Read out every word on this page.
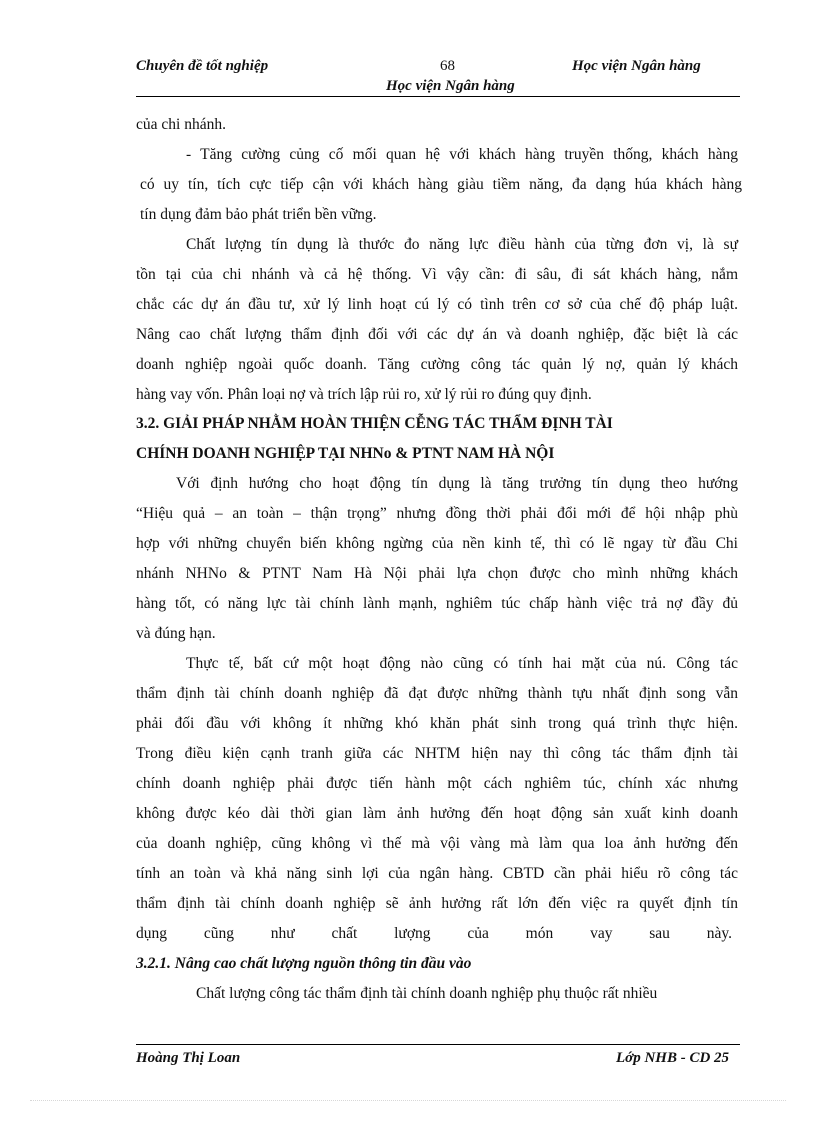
Chuyên đề tốt nghiệp	68	Học viện Ngân hàng
Học viện Ngân hàng
của chi nhánh.
- Tăng cường củng cố mối quan hệ với khách hàng truyền thống, khách hàng
có uy tín, tích cực tiếp cận với khách hàng giàu tiềm năng, đa dạng húa khách hàng
tín dụng đảm bảo phát triển bền vững.
Chất lượng tín dụng là thước đo năng lực điều hành của từng đơn vị, là sự
tồn tại của chi nhánh và cả hệ thống. Vì vậy cần: đi sâu, đi sát khách hàng, nắm
chắc các dự án đầu tư, xử lý linh hoạt cú lý có tình trên cơ sở của chế độ pháp luật.
Nâng cao chất lượng thẩm định đối với các dự án và doanh nghiệp, đặc biệt là các
doanh nghiệp ngoài quốc doanh. Tăng cường công tác quản lý nợ, quản lý khách
hàng vay vốn. Phân loại nợ và trích lập rủi ro, xử lý rủi ro đúng quy định.
3.2. GIẢI PHÁP NHẰM HOÀN THIỆN CỄNG TÁC THẨM ĐỊNH TÀI
CHÍNH DOANH NGHIỆP TẠI NHNo & PTNT NAM HÀ NỘI
Với định hướng cho hoạt động tín dụng là tăng trưởng tín dụng theo hướng
“Hiệu quả – an toàn – thận trọng” nhưng đồng thời phải đổi mới để hội nhập phù
hợp với những chuyển biến không ngừng của nền kinh tế, thì có lẽ ngay từ đầu Chi
nhánh NHNo & PTNT Nam Hà Nội phải lựa chọn được cho mình những khách
hàng tốt, có năng lực tài chính lành mạnh, nghiêm túc chấp hành việc trả nợ đầy đủ
và đúng hạn.
Thực tế, bất cứ một hoạt động nào cũng có tính hai mặt của nú. Công tác
thẩm định tài chính doanh nghiệp đã đạt được những thành tựu nhất định song vẫn
phải đối đầu với không ít những khó khăn phát sinh trong quá trình thực hiện.
Trong điều kiện cạnh tranh giữa các NHTM hiện nay thì công tác thẩm định tài
chính doanh nghiệp phải được tiến hành một cách nghiêm túc, chính xác nhưng
không được kéo dài thời gian làm ảnh hưởng đến hoạt động sản xuất kinh doanh
của doanh nghiệp, cũng không vì thế mà vội vàng mà làm qua loa ảnh hưởng đến
tính an toàn và khả năng sinh lợi của ngân hàng. CBTD cần phải hiểu rõ công tác
thẩm định tài chính doanh nghiệp sẽ ảnh hưởng rất lớn đến việc ra quyết định tín
dụng cũng như chất lượng của món vay sau này.
3.2.1. Nâng cao chất lượng nguồn thông tin đầu vào
Chất lượng công tác thẩm định tài chính doanh nghiệp phụ thuộc rất nhiều
Hoàng Thị Loan	Lớp NHB - CD 25
